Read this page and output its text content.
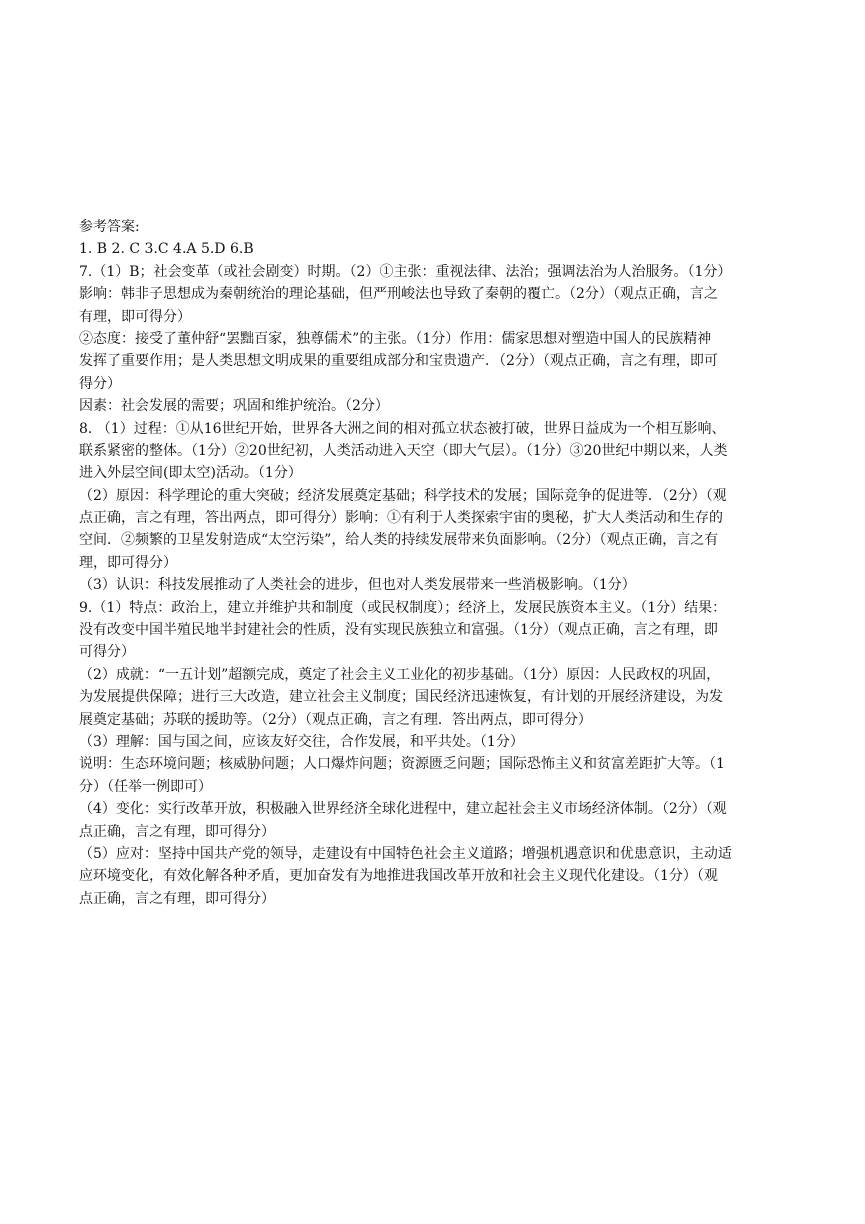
参考答案:
1. B 2. C 3.C 4.A 5.D 6.B
7.（1）B；社会变革（或社会剧变）时期。（2）①主张：重视法律、法治；强调法治为人治服务。（1分）
影响：韩非子思想成为秦朝统治的理论基础，但严刑峻法也导致了秦朝的覆亡。（2分）（观点正确，言之
有理，即可得分）
②态度：接受了董仲舒“罢黜百家，独尊儒术”的主张。（1分）作用：儒家思想对塑造中国人的民族精神
发挥了重要作用；是人类思想文明成果的重要组成部分和宝贵遗产．（2分）（观点正确，言之有理，即可
得分）
因素：社会发展的需要；巩固和维护统治。（2分）
8. （1）过程：①从16世纪开始，世界各大洲之间的相对孤立状态被打破，世界日益成为一个相互影响、
联系紧密的整体。（1分）②20世纪初，人类活动进入天空（即大气层）。（1分）③20世纪中期以来，人类
进入外层空间(即太空)活动。（1分）
（2）原因：科学理论的重大突破；经济发展奠定基础；科学技术的发展；国际竞争的促进等．（2分）（观
点正确，言之有理，答出两点，即可得分）影响：①有利于人类探索宇宙的奥秘，扩大人类活动和生存的
空间．②频繁的卫星发射造成“太空污染”，给人类的持续发展带来负面影响。（2分）（观点正确，言之有
理，即可得分）
（3）认识：科技发展推动了人类社会的进步，但也对人类发展带来一些消极影响。（1分）
9.（1）特点：政治上，建立并维护共和制度（或民权制度）；经济上，发展民族资本主义。（1分）结果：
没有改变中国半殖民地半封建社会的性质，没有实现民族独立和富强。（1分）（观点正确，言之有理，即
可得分）
（2）成就：“一五计划”超额完成，奠定了社会主义工业化的初步基础。（1分）原因：人民政权的巩固，
为发展提供保障；进行三大改造，建立社会主义制度；国民经济迅速恢复，有计划的开展经济建设，为发
展奠定基础；苏联的援助等。（2分）（观点正确，言之有理．答出两点，即可得分）
（3）理解：国与国之间，应该友好交往，合作发展，和平共处。（1分）
说明：生态环境问题；核威胁问题；人口爆炸问题；资源匮乏问题；国际恐怖主义和贫富差距扩大等。（1
分）（任举一例即可）
（4）变化：实行改革开放，积极融入世界经济全球化进程中，建立起社会主义市场经济体制。（2分）（观
点正确，言之有理，即可得分）
（5）应对：坚持中国共产党的领导，走建设有中国特色社会主义道路；增强机遇意识和优患意识，主动适
应环境变化，有效化解各种矛盾，更加奋发有为地推进我国改革开放和社会主义现代化建设。（1分）（观
点正确，言之有理，即可得分）
